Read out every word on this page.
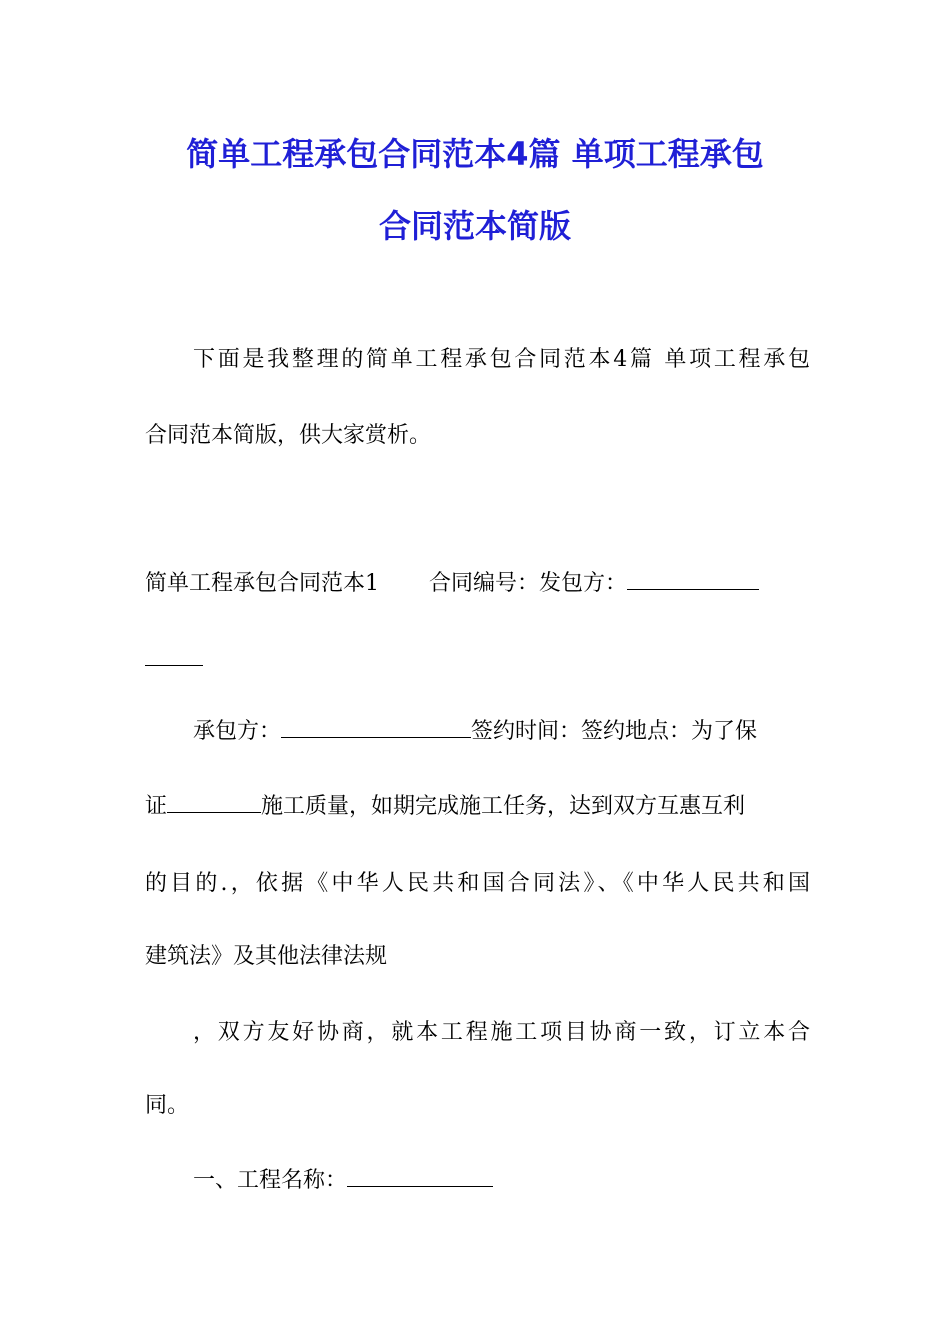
简单工程承包合同范本4篇 单项工程承包
合同范本简版
下面是我整理的简单工程承包合同范本4篇 单项工程承包
合同范本简版，供大家赏析。
简单工程承包合同范本1 合同编号：发包方：
承包方：	签约时间：签约地点：为了保
证	施工质量，如期完成施工任务，达到双方互惠互利
的目的.，依据《中华人民共和国合同法》、《中华人民共和国
建筑法》及其他法律法规
，双方友好协商，就本工程施工项目协商一致，订立本合
同。
一、工程名称：
